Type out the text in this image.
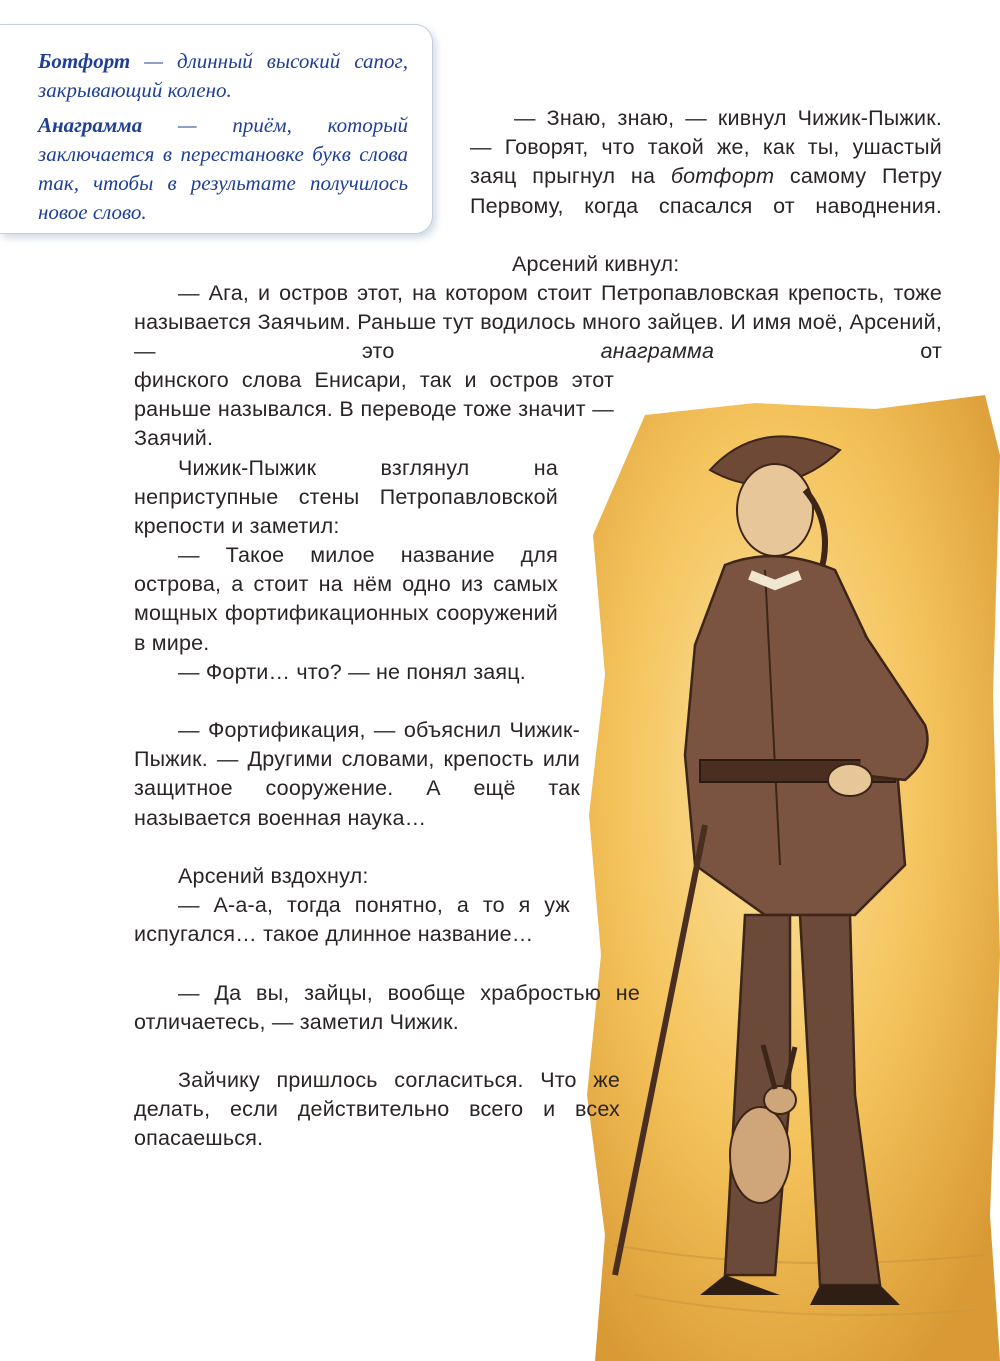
Ботфорт — длинный высокий сапог, закрывающий колено.

Анаграмма — приём, который заключается в перестановке букв слова так, чтобы в результате получилось новое слово.

— Знаю, знаю, — кивнул Чижик-Пыжик. — Говорят, что такой же, как ты, ушастый заяц прыгнул на ботфорт самому Петру Первому, когда спасался от наводнения.

Арсений кивнул:

— Ага, и остров этот, на котором стоит Петропавловская крепость, тоже называется Заячьим. Раньше тут водилось много зайцев. И имя моё, Арсений, — это анаграмма от

финского слова Енисари, так и остров этот раньше назывался. В переводе тоже значит — Заячий.

Чижик-Пыжик взглянул на неприступные стены Петропавловской крепости и заметил:

— Такое милое название для острова, а стоит на нём одно из самых мощных фортификационных сооружений в мире.

— Форти… что? — не понял заяц.

— Фортификация, — объяснил Чижик-Пыжик. — Другими словами, крепость или защитное сооружение. А ещё так называется военная наука…

Арсений вздохнул:

— А-а-а, тогда понятно, а то я уж испугался… такое длинное название…

— Да вы, зайцы, вообще храбростью не отличаетесь, — заметил Чижик.

Зайчику пришлось согласиться. Что же делать, если действительно всего и всех опасаешься.
